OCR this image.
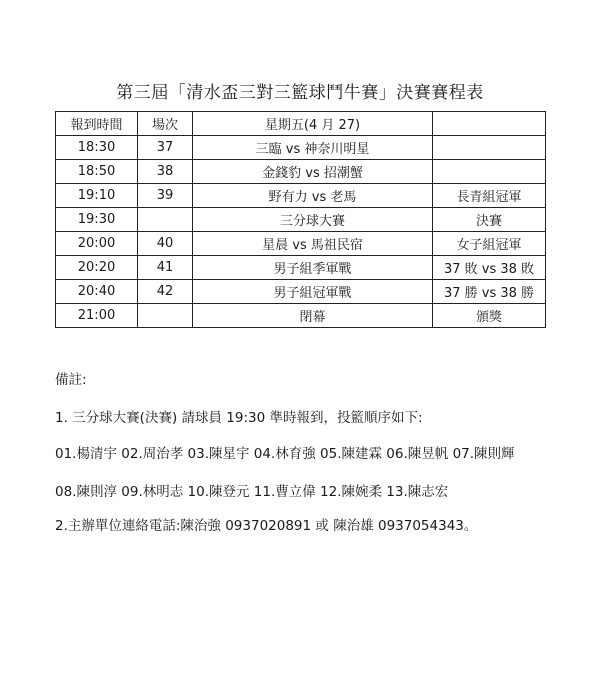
第三屆「清水盃三對三籃球鬥牛賽」決賽賽程表
報到時間	場次	星期五(4 月 27)	
18:30	37	三臨 vs 神奈川明星	
18:50	38	金錢豹 vs 招潮蟹	
19:10	39	野有力 vs 老馬	長青組冠軍
19:30		三分球大賽	決賽
20:00	40	星晨 vs 馬祖民宿	女子組冠軍
20:20	41	男子組季軍戰	37 敗 vs 38 敗
20:40	42	男子組冠軍戰	37 勝 vs 38 勝
21:00		閉幕	頒獎
備註:
1. 三分球大賽(決賽) 請球員 19:30 準時報到，投籃順序如下:
01.楊清宇 02.周治孝 03.陳星宇 04.林育強 05.陳建霖 06.陳昱帆 07.陳則輝
08.陳則淳 09.林明志 10.陳登元 11.曹立偉 12.陳婉柔 13.陳志宏
2.主辦單位連絡電話:陳治強 0937020891 或 陳治雄 0937054343。
